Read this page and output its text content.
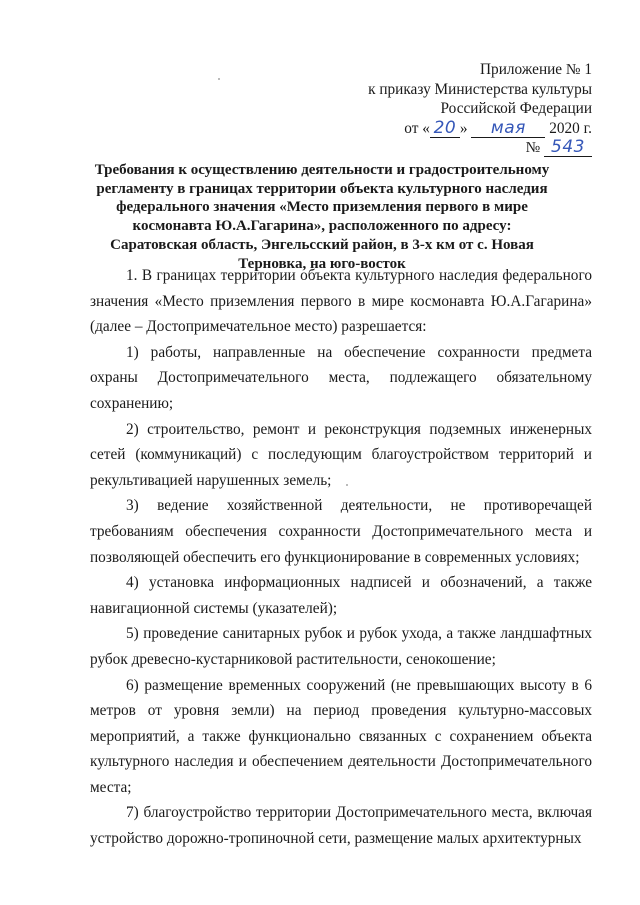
Приложение № 1
к приказу Министерства культуры
Российской Федерации
от « 20 » мая 2020 г.
№ 543
Требования к осуществлению деятельности и градостроительному регламенту в границах территории объекта культурного наследия федерального значения «Место приземления первого в мире космонавта Ю.А.Гагарина», расположенного по адресу: Саратовская область, Энгельсский район, в 3-х км от с. Новая Терновка, на юго-восток

1. В границах территории объекта культурного наследия федерального значения «Место приземления первого в мире космонавта Ю.А.Гагарина» (далее – Достопримечательное место) разрешается:

1) работы, направленные на обеспечение сохранности предмета охраны Достопримечательного места, подлежащего обязательному сохранению;

2) строительство, ремонт и реконструкция подземных инженерных сетей (коммуникаций) с последующим благоустройством территорий и рекультивацией нарушенных земель;

3) ведение хозяйственной деятельности, не противоречащей требованиям обеспечения сохранности Достопримечательного места и позволяющей обеспечить его функционирование в современных условиях;

4) установка информационных надписей и обозначений, а также навигационной системы (указателей);

5) проведение санитарных рубок и рубок ухода, а также ландшафтных рубок древесно-кустарниковой растительности, сенокошение;

6) размещение временных сооружений (не превышающих высоту в 6 метров от уровня земли) на период проведения культурно-массовых мероприятий, а также функционально связанных с сохранением объекта культурного наследия и обеспечением деятельности Достопримечательного места;

7) благоустройство территории Достопримечательного места, включая устройство дорожно-тропиночной сети, размещение малых архитектурных
